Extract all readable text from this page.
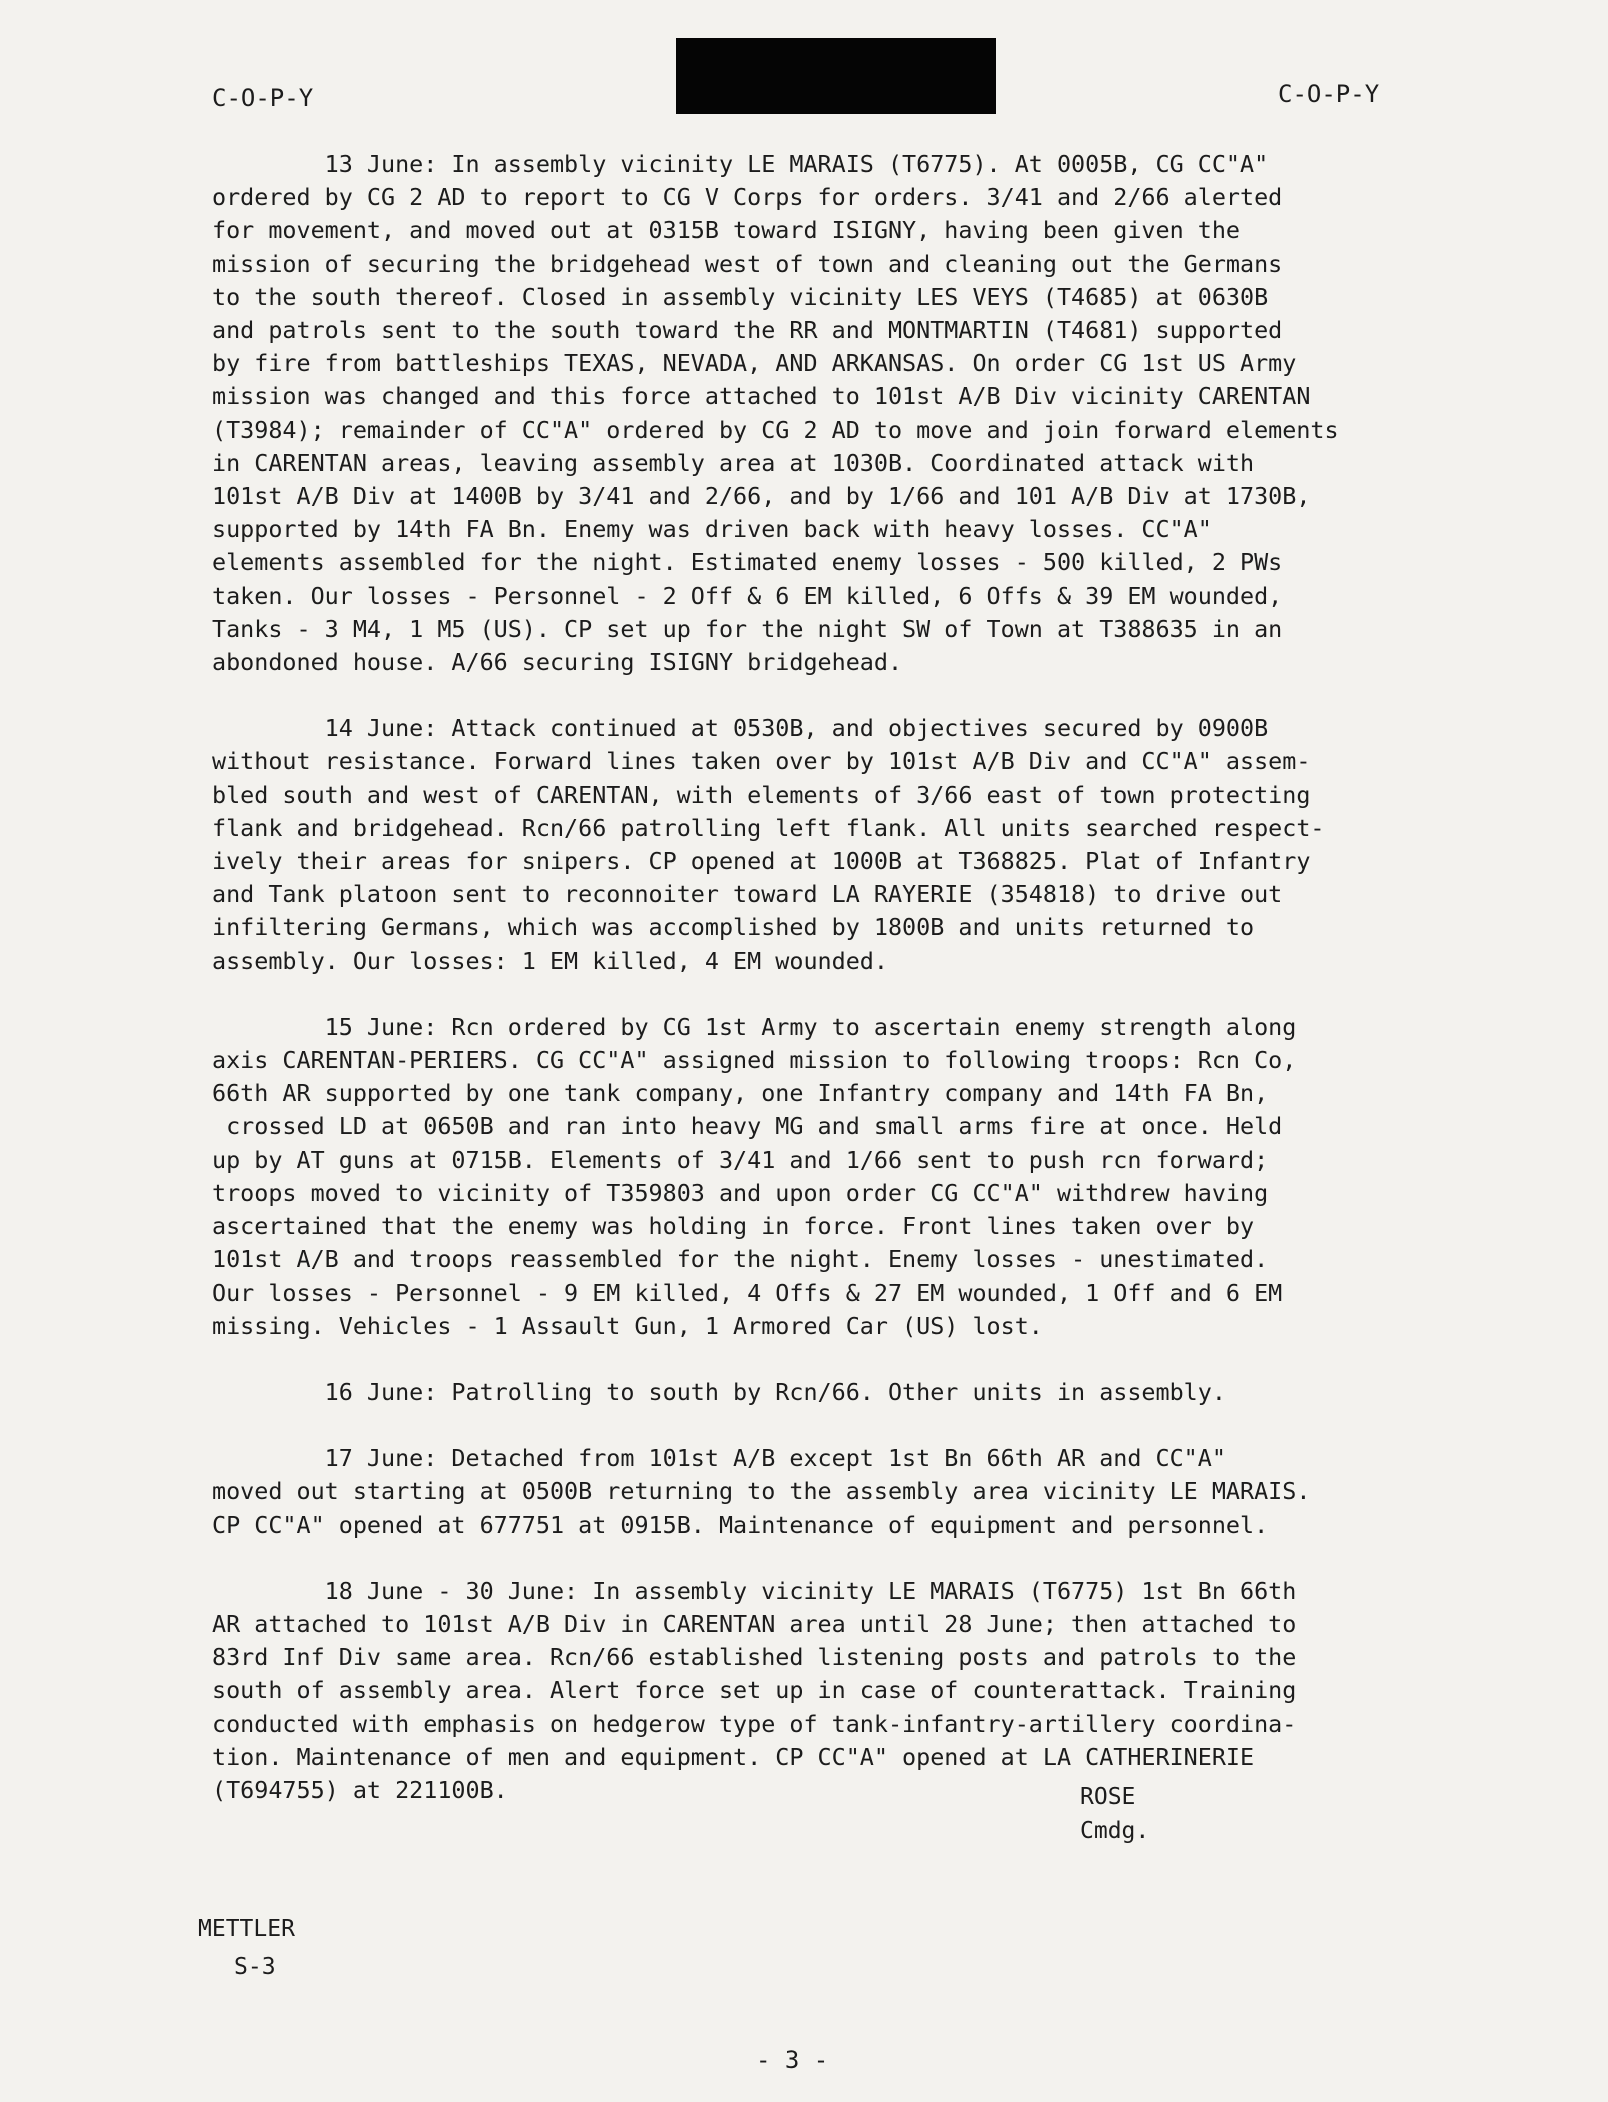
C-O-P-Y	C-O-P-Y
13 June: In assembly vicinity LE MARAIS (T6775). At 0005B, CG CC"A"
ordered by CG 2 AD to report to CG V Corps for orders. 3/41 and 2/66 alerted
for movement, and moved out at 0315B toward ISIGNY, having been given the
mission of securing the bridgehead west of town and cleaning out the Germans
to the south thereof. Closed in assembly vicinity LES VEYS (T4685) at 0630B
and patrols sent to the south toward the RR and MONTMARTIN (T4681) supported
by fire from battleships TEXAS, NEVADA, AND ARKANSAS. On order CG 1st US Army
mission was changed and this force attached to 101st A/B Div vicinity CARENTAN
(T3984); remainder of CC"A" ordered by CG 2 AD to move and join forward elements
in CARENTAN areas, leaving assembly area at 1030B. Coordinated attack with
101st A/B Div at 1400B by 3/41 and 2/66, and by 1/66 and 101 A/B Div at 1730B,
supported by 14th FA Bn. Enemy was driven back with heavy losses. CC"A"
elements assembled for the night. Estimated enemy losses - 500 killed, 2 PWs
taken. Our losses - Personnel - 2 Off & 6 EM killed, 6 Offs & 39 EM wounded,
Tanks - 3 M4, 1 M5 (US). CP set up for the night SW of Town at T388635 in an
abondoned house. A/66 securing ISIGNY bridgehead.
14 June: Attack continued at 0530B, and objectives secured by 0900B
without resistance. Forward lines taken over by 101st A/B Div and CC"A" assem-
bled south and west of CARENTAN, with elements of 3/66 east of town protecting
flank and bridgehead. Rcn/66 patrolling left flank. All units searched respect-
ively their areas for snipers. CP opened at 1000B at T368825. Plat of Infantry
and Tank platoon sent to reconnoiter toward LA RAYERIE (354818) to drive out
infiltering Germans, which was accomplished by 1800B and units returned to
assembly. Our losses: 1 EM killed, 4 EM wounded.
15 June: Rcn ordered by CG 1st Army to ascertain enemy strength along
axis CARENTAN-PERIERS. CG CC"A" assigned mission to following troops: Rcn Co,
66th AR supported by one tank company, one Infantry company and 14th FA Bn,
crossed LD at 0650B and ran into heavy MG and small arms fire at once. Held
up by AT guns at 0715B. Elements of 3/41 and 1/66 sent to push rcn forward;
troops moved to vicinity of T359803 and upon order CG CC"A" withdrew having
ascertained that the enemy was holding in force. Front lines taken over by
101st A/B and troops reassembled for the night. Enemy losses - unestimated.
Our losses - Personnel - 9 EM killed, 4 Offs & 27 EM wounded, 1 Off and 6 EM
missing. Vehicles - 1 Assault Gun, 1 Armored Car (US) lost.
16 June: Patrolling to south by Rcn/66. Other units in assembly.
17 June: Detached from 101st A/B except 1st Bn 66th AR and CC"A"
moved out starting at 0500B returning to the assembly area vicinity LE MARAIS.
CP CC"A" opened at 677751 at 0915B. Maintenance of equipment and personnel.
18 June - 30 June: In assembly vicinity LE MARAIS (T6775) 1st Bn 66th
AR attached to 101st A/B Div in CARENTAN area until 28 June; then attached to
83rd Inf Div same area. Rcn/66 established listening posts and patrols to the
south of assembly area. Alert force set up in case of counterattack. Training
conducted with emphasis on hedgerow type of tank-infantry-artillery coordina-
tion. Maintenance of men and equipment. CP CC"A" opened at LA CATHERINERIE
(T694755) at 221100B.	ROSE
Cmdg.
METTLER
S-3
- 3 -
